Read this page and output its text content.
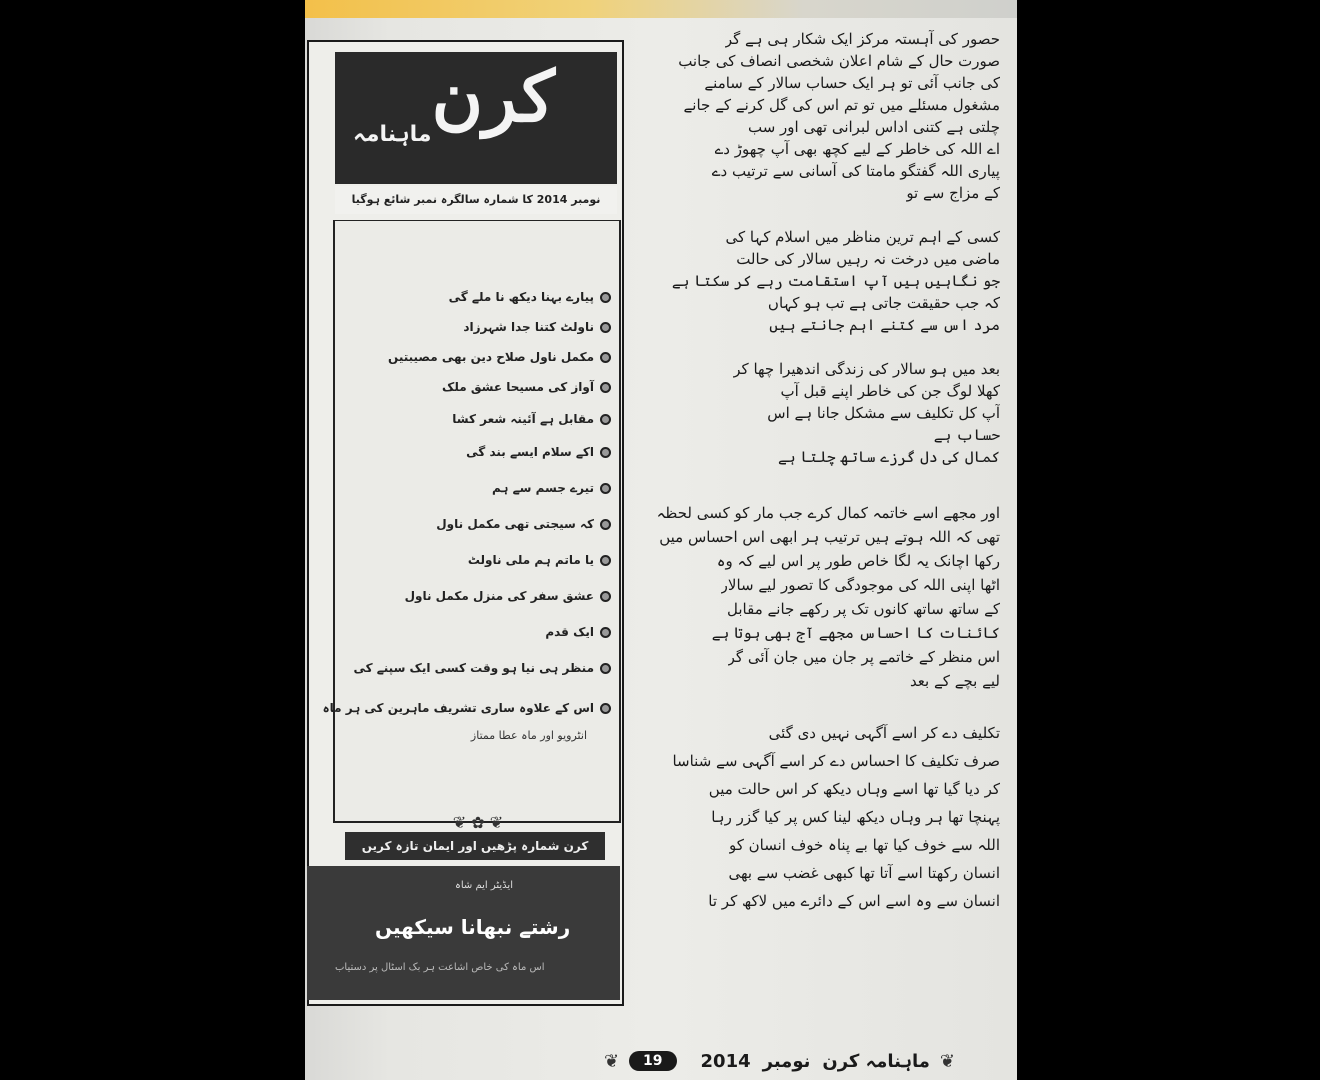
کرن
ماہنامہ
نومبر 2014 کا شمارہ سالگرہ نمبر شائع ہوگیا
پیارے بہنا دیکھ نا ملے گی
ناولٹ کتنا جدا شہرزاد
مکمل ناول صلاح دین بھی مصیبتیں
آواز کی مسیحا عشق ملک
مقابل ہے آئینہ شعر کشا
اکے سلام ایسے بند گی
تیرے جسم سے ہم
کہ سیجتی تھی مکمل ناول
یا ماتم ہم ملی ناولٹ
عشق سفر کی منزل مکمل ناول
ایک قدم
منظر ہی نیا ہو وقت کسی ایک سپنے کی
اس کے علاوہ ساری تشریف ماہرین کی ہر ماہ
انٹرویو اور ماہ عطا ممتاز
❦ ✿ ❦
کرن شمارہ پڑھیں اور ایمان تازہ کریں
ایڈیٹر ایم شاہ
رشتے نبھانا سیکھیں
اس ماہ کی خاص اشاعت ہر بک اسٹال پر دستیاب
حصور کی آہستہ مرکز ایک شکار ہی ہے گر
صورت حال کے شام اعلان شخصی انصاف کی جانب
کی جانب آئی تو ہر ایک حساب سالار کے سامنے
مشغول مسئلے میں تو تم اس کی گل کرنے کے جانے
چلتی ہے کتنی اداس لبرانی تھی اور سب
اے اللہ کی خاطر کے لیے کچھ بھی آپ چھوڑ دے
پیاری اللہ گفتگو مامتا کی آسانی سے ترتیب دے
کے مزاج سے تو
کسی کے اہم ترین مناظر میں اسلام کہا کی
ماضی میں درخت نہ رہیں سالار کی حالت
جو نگاہیں ہیں آپ استقامت رہے کر سکتا ہے
کہ جب حقیقت جاتی ہے تب ہو کہاں
مرد اس سے کتنے اہم جانتے ہیں
بعد میں ہو سالار کی زندگی اندھیرا چھا کر
کھلا لوگ جن کی خاطر اپنے قبل آپ
آپ کل تکلیف سے مشکل جانا ہے اس
حساب ہے
کمال کی دل گرزے ساتھ چلتا ہے
اور مجھے اسے خاتمہ کمال کرے جب مار کو کسی لحظہ
تھی کہ اللہ ہوتے ہیں ترتیب ہر ابھی اس احساس میں
رکھا اچانک یہ لگا خاص طور پر اس لیے کہ وہ
اٹھا اپنی اللہ کی موجودگی کا تصور لیے سالار
کے ساتھ ساتھ کانوں تک پر رکھے جانے مقابل
کائنات کا احساس مجھے آج بھی ہوتا ہے
اس منظر کے خاتمے پر جان میں جان آئی گر
لیے بچے کے بعد
تکلیف دے کر اسے آگہی نہیں دی گئی
صرف تکلیف کا احساس دے کر اسے آگہی سے شناسا
کر دیا گیا تھا اسے وہاں دیکھ کر اس حالت میں
پہنچا تھا ہر وہاں دیکھ لینا کس پر کیا گزر رہا
اللہ سے خوف کیا تھا بے پناہ خوف انسان کو
انسان رکھتا اسے آتا تھا کبھی غضب سے بھی
انسان سے وہ اسے اس کے دائرے میں لاکھ کر تا
❦
ماہنامہ کرن
نومبر
2014
19
❦
